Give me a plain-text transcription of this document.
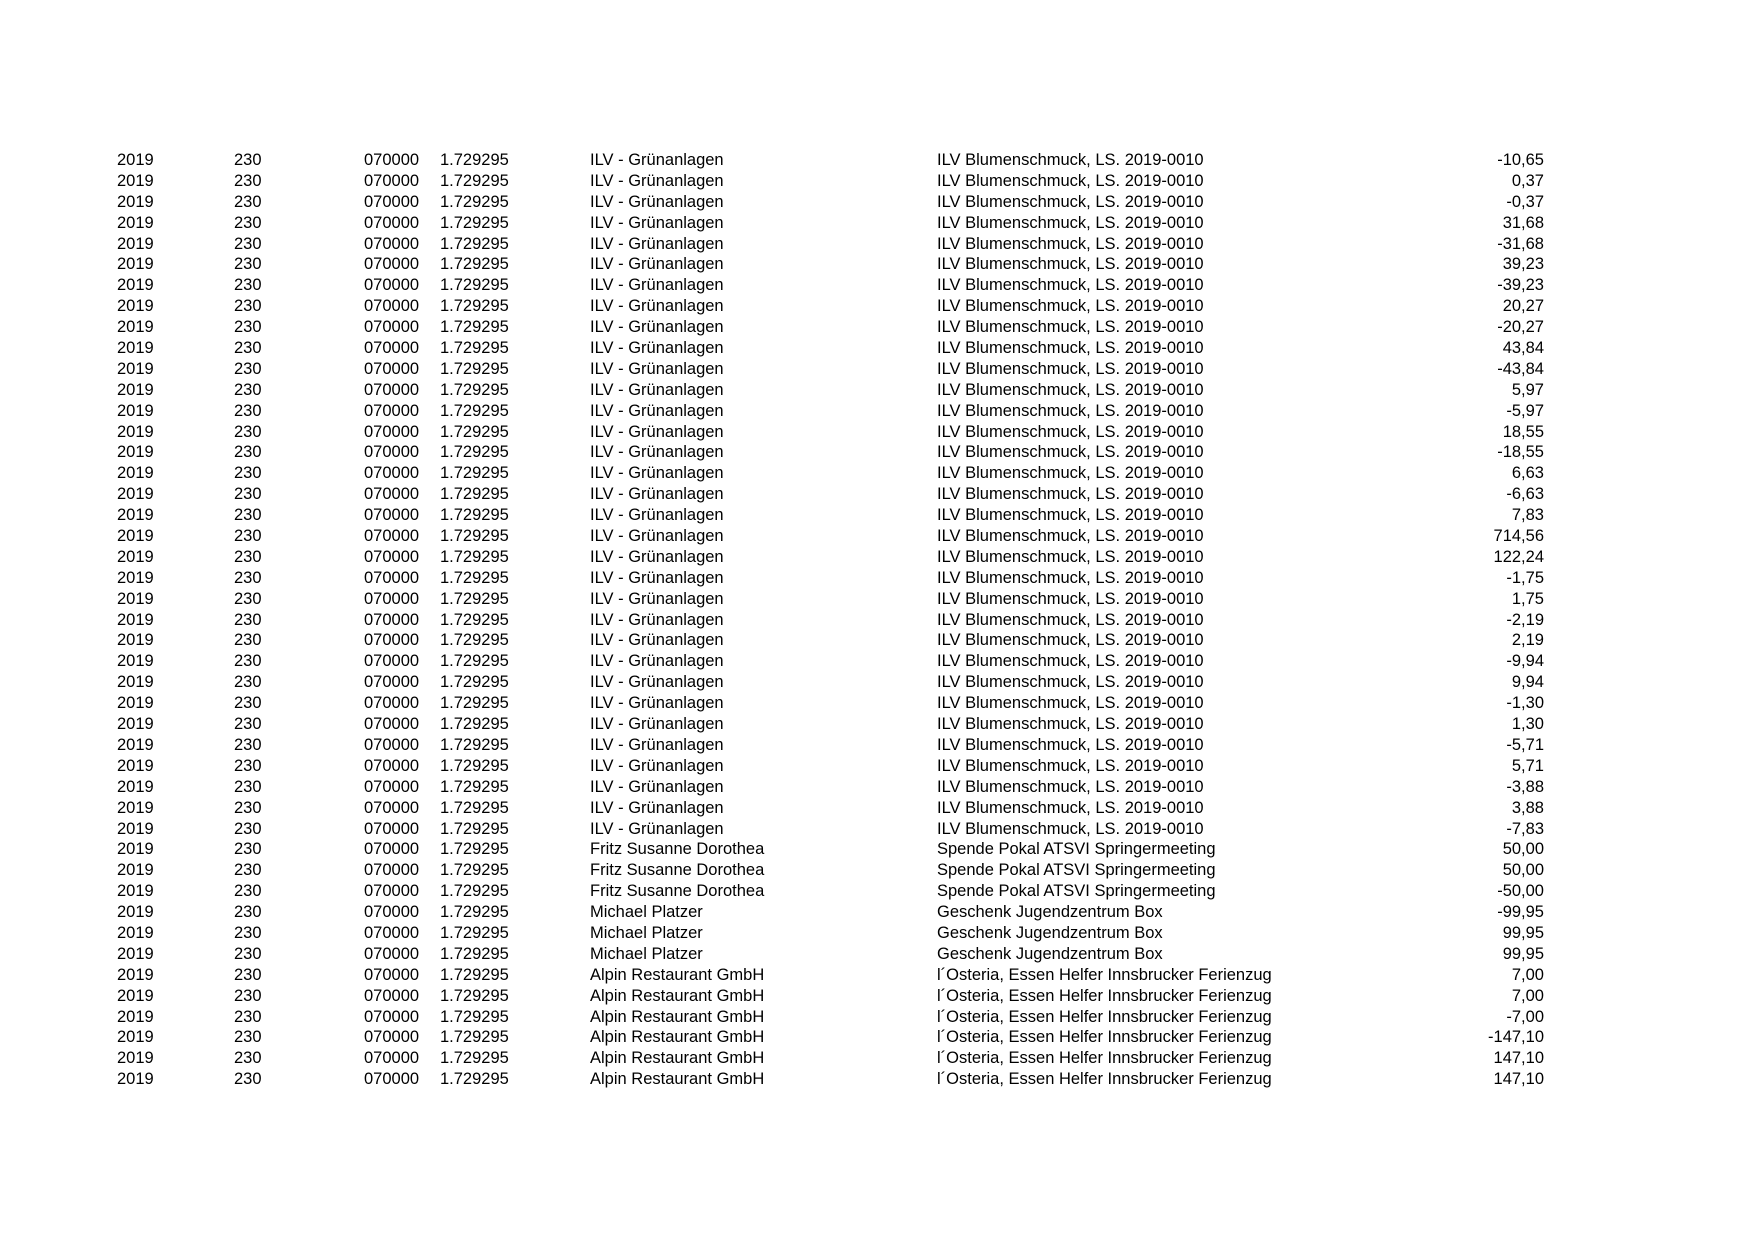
2019	230	070000 1.729295	ILV - Grünanlagen	ILV Blumenschmuck, LS. 2019-0010	-10,65
2019	230	070000 1.729295	ILV - Grünanlagen	ILV Blumenschmuck, LS. 2019-0010	0,37
2019	230	070000 1.729295	ILV - Grünanlagen	ILV Blumenschmuck, LS. 2019-0010	-0,37
2019	230	070000 1.729295	ILV - Grünanlagen	ILV Blumenschmuck, LS. 2019-0010	31,68
2019	230	070000 1.729295	ILV - Grünanlagen	ILV Blumenschmuck, LS. 2019-0010	-31,68
2019	230	070000 1.729295	ILV - Grünanlagen	ILV Blumenschmuck, LS. 2019-0010	39,23
2019	230	070000 1.729295	ILV - Grünanlagen	ILV Blumenschmuck, LS. 2019-0010	-39,23
2019	230	070000 1.729295	ILV - Grünanlagen	ILV Blumenschmuck, LS. 2019-0010	20,27
2019	230	070000 1.729295	ILV - Grünanlagen	ILV Blumenschmuck, LS. 2019-0010	-20,27
2019	230	070000 1.729295	ILV - Grünanlagen	ILV Blumenschmuck, LS. 2019-0010	43,84
2019	230	070000 1.729295	ILV - Grünanlagen	ILV Blumenschmuck, LS. 2019-0010	-43,84
2019	230	070000 1.729295	ILV - Grünanlagen	ILV Blumenschmuck, LS. 2019-0010	5,97
2019	230	070000 1.729295	ILV - Grünanlagen	ILV Blumenschmuck, LS. 2019-0010	-5,97
2019	230	070000 1.729295	ILV - Grünanlagen	ILV Blumenschmuck, LS. 2019-0010	18,55
2019	230	070000 1.729295	ILV - Grünanlagen	ILV Blumenschmuck, LS. 2019-0010	-18,55
2019	230	070000 1.729295	ILV - Grünanlagen	ILV Blumenschmuck, LS. 2019-0010	6,63
2019	230	070000 1.729295	ILV - Grünanlagen	ILV Blumenschmuck, LS. 2019-0010	-6,63
2019	230	070000 1.729295	ILV - Grünanlagen	ILV Blumenschmuck, LS. 2019-0010	7,83
2019	230	070000 1.729295	ILV - Grünanlagen	ILV Blumenschmuck, LS. 2019-0010	714,56
2019	230	070000 1.729295	ILV - Grünanlagen	ILV Blumenschmuck, LS. 2019-0010	122,24
2019	230	070000 1.729295	ILV - Grünanlagen	ILV Blumenschmuck, LS. 2019-0010	-1,75
2019	230	070000 1.729295	ILV - Grünanlagen	ILV Blumenschmuck, LS. 2019-0010	1,75
2019	230	070000 1.729295	ILV - Grünanlagen	ILV Blumenschmuck, LS. 2019-0010	-2,19
2019	230	070000 1.729295	ILV - Grünanlagen	ILV Blumenschmuck, LS. 2019-0010	2,19
2019	230	070000 1.729295	ILV - Grünanlagen	ILV Blumenschmuck, LS. 2019-0010	-9,94
2019	230	070000 1.729295	ILV - Grünanlagen	ILV Blumenschmuck, LS. 2019-0010	9,94
2019	230	070000 1.729295	ILV - Grünanlagen	ILV Blumenschmuck, LS. 2019-0010	-1,30
2019	230	070000 1.729295	ILV - Grünanlagen	ILV Blumenschmuck, LS. 2019-0010	1,30
2019	230	070000 1.729295	ILV - Grünanlagen	ILV Blumenschmuck, LS. 2019-0010	-5,71
2019	230	070000 1.729295	ILV - Grünanlagen	ILV Blumenschmuck, LS. 2019-0010	5,71
2019	230	070000 1.729295	ILV - Grünanlagen	ILV Blumenschmuck, LS. 2019-0010	-3,88
2019	230	070000 1.729295	ILV - Grünanlagen	ILV Blumenschmuck, LS. 2019-0010	3,88
2019	230	070000 1.729295	ILV - Grünanlagen	ILV Blumenschmuck, LS. 2019-0010	-7,83
2019	230	070000 1.729295	Fritz Susanne Dorothea	Spende Pokal ATSVI Springermeeting	50,00
2019	230	070000 1.729295	Fritz Susanne Dorothea	Spende Pokal ATSVI Springermeeting	50,00
2019	230	070000 1.729295	Fritz Susanne Dorothea	Spende Pokal ATSVI Springermeeting	-50,00
2019	230	070000 1.729295	Michael Platzer	Geschenk Jugendzentrum Box	-99,95
2019	230	070000 1.729295	Michael Platzer	Geschenk Jugendzentrum Box	99,95
2019	230	070000 1.729295	Michael Platzer	Geschenk Jugendzentrum Box	99,95
2019	230	070000 1.729295	Alpin Restaurant GmbH	l´Osteria, Essen Helfer Innsbrucker Ferienzug	7,00
2019	230	070000 1.729295	Alpin Restaurant GmbH	l´Osteria, Essen Helfer Innsbrucker Ferienzug	7,00
2019	230	070000 1.729295	Alpin Restaurant GmbH	l´Osteria, Essen Helfer Innsbrucker Ferienzug	-7,00
2019	230	070000 1.729295	Alpin Restaurant GmbH	l´Osteria, Essen Helfer Innsbrucker Ferienzug	-147,10
2019	230	070000 1.729295	Alpin Restaurant GmbH	l´Osteria, Essen Helfer Innsbrucker Ferienzug	147,10
2019	230	070000 1.729295	Alpin Restaurant GmbH	l´Osteria, Essen Helfer Innsbrucker Ferienzug	147,10
